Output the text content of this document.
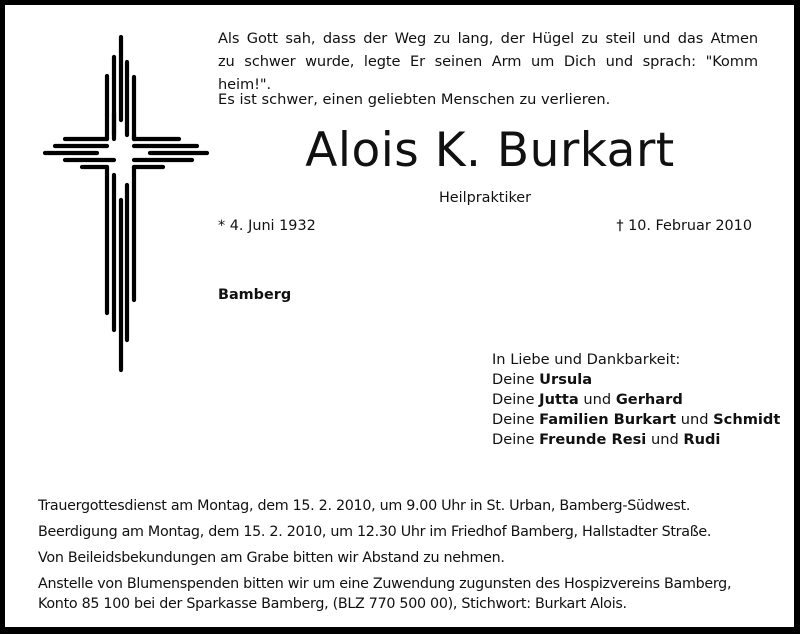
Als Gott sah, dass der Weg zu lang, der Hügel zu steil und das Atmen

zu schwer wurde, legte Er seinen Arm um Dich und sprach: "Komm heim!".

Es ist schwer, einen geliebten Menschen zu verlieren.
Alois K. Burkart
Heilpraktiker
* 4. Juni 1932	† 10. Februar 2010
Bamberg
In Liebe und Dankbarkeit:
Deine Ursula
Deine Jutta und Gerhard
Deine Familien Burkart und Schmidt
Deine Freunde Resi und Rudi

Trauergottesdienst am Montag, dem 15. 2. 2010, um 9.00 Uhr in St. Urban, Bamberg-Südwest.

Beerdigung am Montag, dem 15. 2. 2010, um 12.30 Uhr im Friedhof Bamberg, Hallstadter Straße.

Von Beileidsbekundungen am Grabe bitten wir Abstand zu nehmen.

Anstelle von Blumenspenden bitten wir um eine Zuwendung zugunsten des Hospizvereins Bamberg,

Konto 85 100 bei der Sparkasse Bamberg, (BLZ 770 500 00), Stichwort: Burkart Alois.
